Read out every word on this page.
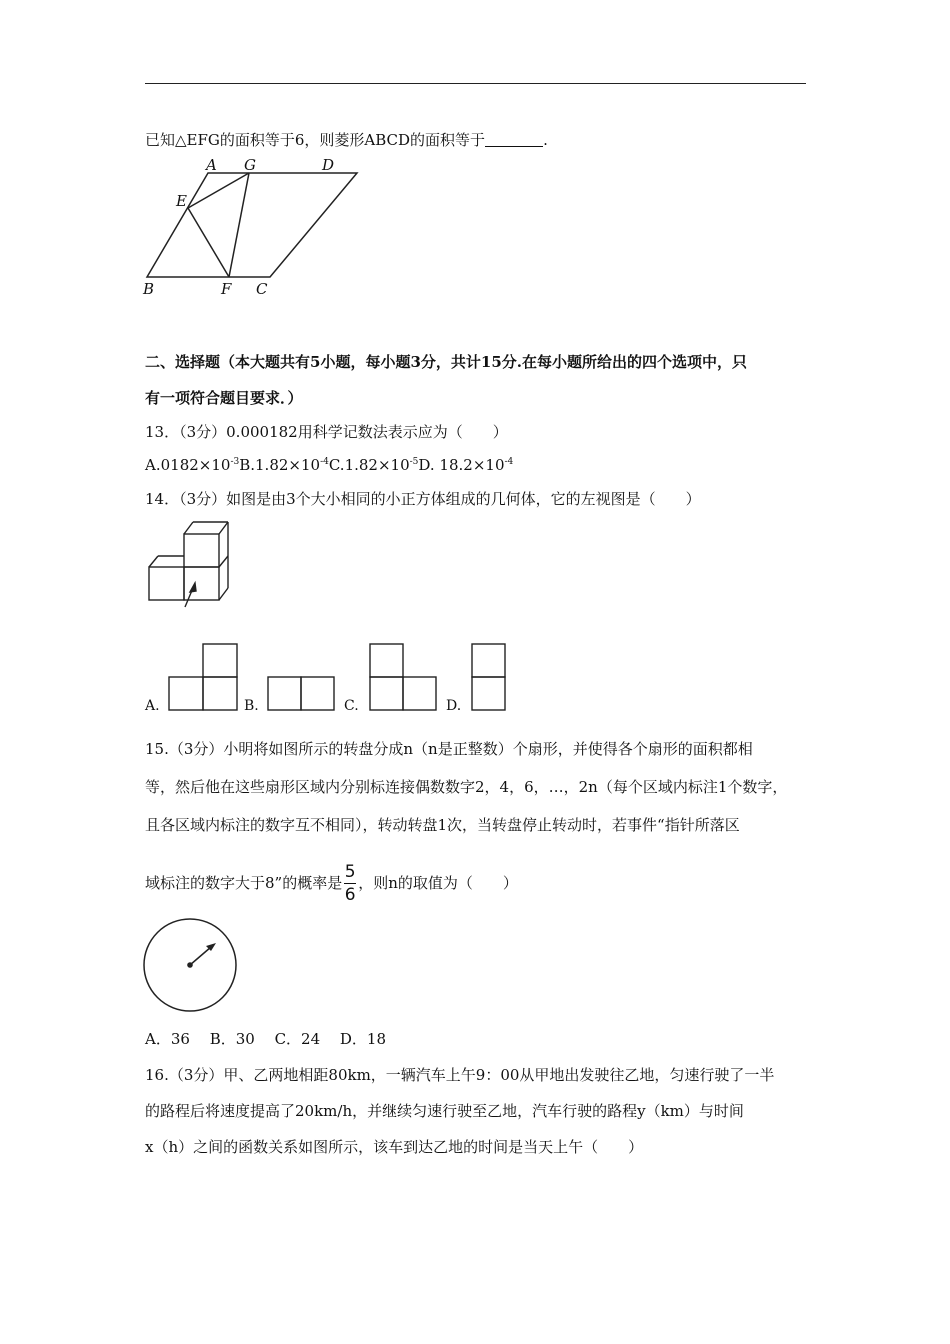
已知△EFG的面积等于6，则菱形ABCD的面积等于	.
A G	D
E
B	F C
二、选择题（本大题共有5小题，每小题3分，共计15分.在每小题所给出的四个选项中，只
有一项符合题目要求．）
13．（3分）0.000182用科学记数法表示应为（　　）
$A.0182\times 10^{-3}B.1.82\times 10^{-4}C.1.82\times 10^{-5}D$. $18.2\times 10^{-4}$
14．（3分）如图是由3个大小相同的小正方体组成的几何体，它的左视图是（　　）
A.	B.	C.	D.
15.（3分）小明将如图所示的转盘分成n（n是正整数）个扇形，并使得各个扇形的面积都相
等，然后他在这些扇形区域内分别标连接偶数数字2，4，6，…，2n（每个区域内标注1个数字，
且各区域内标注的数字互不相同），转动转盘1次，当转盘停止转动时，若事件“指针所落区
域标注的数字大于8”的概率是 $\frac{5}{6}$ ，则n的取值为（　　）
A．36　 B．30　 C．24　 D．18
16.（3分）甲、乙两地相距80km，一辆汽车上午9：00从甲地出发驶往乙地，匀速行驶了一半
的路程后将速度提高了20km/h，并继续匀速行驶至乙地，汽车行驶的路程y（km）与时间
x（h）之间的函数关系如图所示，该车到达乙地的时间是当天上午（　　）
